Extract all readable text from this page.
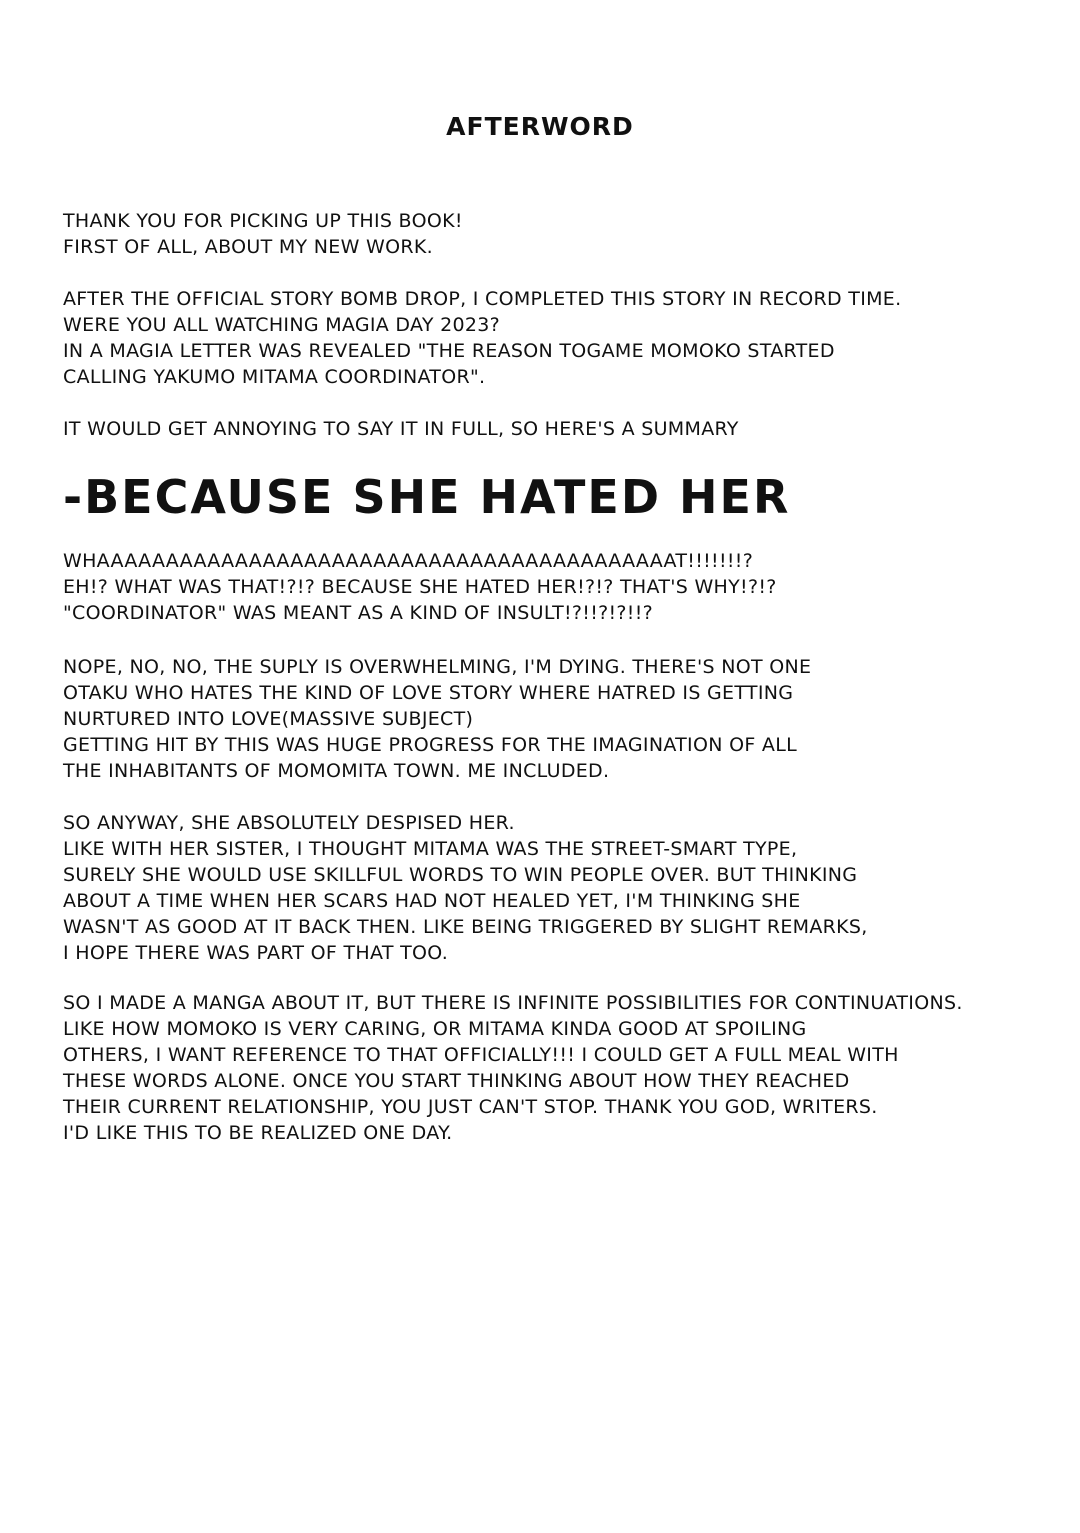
AFTERWORD

THANK YOU FOR PICKING UP THIS BOOK!
FIRST OF ALL, ABOUT MY NEW WORK.

AFTER THE OFFICIAL STORY BOMB DROP, I COMPLETED THIS STORY IN RECORD TIME.
WERE YOU ALL WATCHING MAGIA DAY 2023?
IN A MAGIA LETTER WAS REVEALED "THE REASON TOGAME MOMOKO STARTED
CALLING YAKUMO MITAMA COORDINATOR".

IT WOULD GET ANNOYING TO SAY IT IN FULL, SO HERE'S A SUMMARY

-BECAUSE SHE HATED HER

WHAAAAAAAAAAAAAAAAAAAAAAAAAAAAAAAAAAAAAAAAAAT!!!!!!!?
EH!? WHAT WAS THAT!?!? BECAUSE SHE HATED HER!?!? THAT'S WHY!?!?
"COORDINATOR" WAS MEANT AS A KIND OF INSULT!?!!?!?!!?

NOPE, NO, NO, THE SUPLY IS OVERWHELMING, I'M DYING. THERE'S NOT ONE
OTAKU WHO HATES THE KIND OF LOVE STORY WHERE HATRED IS GETTING
NURTURED INTO LOVE(MASSIVE SUBJECT)
GETTING HIT BY THIS WAS HUGE PROGRESS FOR THE IMAGINATION OF ALL
THE INHABITANTS OF MOMOMITA TOWN. ME INCLUDED.

SO ANYWAY, SHE ABSOLUTELY DESPISED HER.
LIKE WITH HER SISTER, I THOUGHT MITAMA WAS THE STREET-SMART TYPE,
SURELY SHE WOULD USE SKILLFUL WORDS TO WIN PEOPLE OVER. BUT THINKING
ABOUT A TIME WHEN HER SCARS HAD NOT HEALED YET, I'M THINKING SHE
WASN'T AS GOOD AT IT BACK THEN. LIKE BEING TRIGGERED BY SLIGHT REMARKS,
I HOPE THERE WAS PART OF THAT TOO.

SO I MADE A MANGA ABOUT IT, BUT THERE IS INFINITE POSSIBILITIES FOR CONTINUATIONS.
LIKE HOW MOMOKO IS VERY CARING, OR MITAMA KINDA GOOD AT SPOILING
OTHERS, I WANT REFERENCE TO THAT OFFICIALLY!!! I COULD GET A FULL MEAL WITH
THESE WORDS ALONE. ONCE YOU START THINKING ABOUT HOW THEY REACHED
THEIR CURRENT RELATIONSHIP, YOU JUST CAN'T STOP. THANK YOU GOD, WRITERS.
I'D LIKE THIS TO BE REALIZED ONE DAY.
